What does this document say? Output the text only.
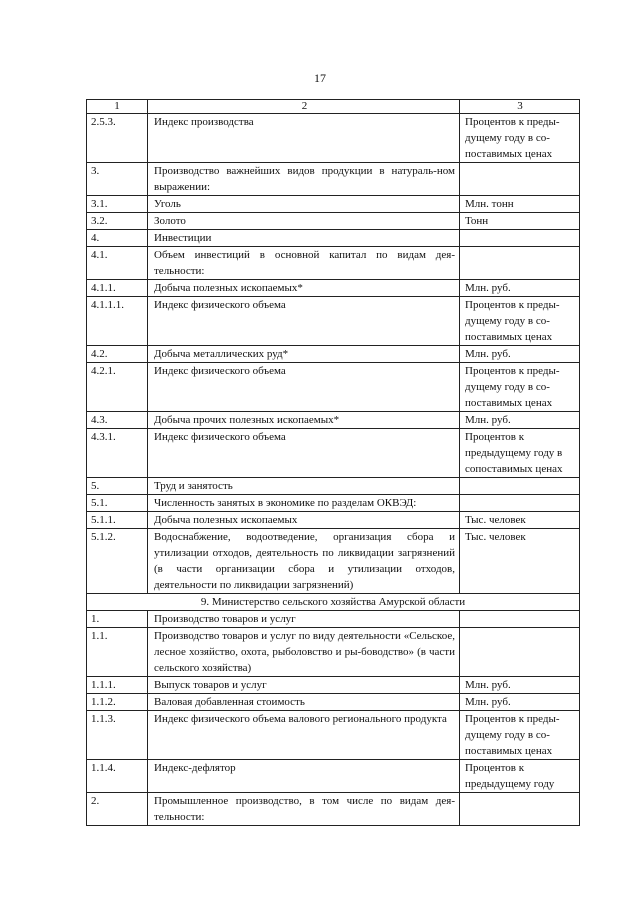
17
1	2	3
2.5.3.	Индекс производства	Процентов к преды-дущему году в со-поставимых ценах
3.	Производство важнейших видов продукции в натураль-ном выражении:	
3.1.	Уголь	Млн. тонн
3.2.	Золото	Тонн
4.	Инвестиции	
4.1.	Объем инвестиций в основной капитал по видам дея-тельности:	
4.1.1.	Добыча полезных ископаемых*	Млн. руб.
4.1.1.1.	Индекс физического объема	Процентов к преды-дущему году в со-поставимых ценах
4.2.	Добыча металлических руд*	Млн. руб.
4.2.1.	Индекс физического объема	Процентов к преды-дущему году в со-поставимых ценах
4.3.	Добыча прочих полезных ископаемых*	Млн. руб.
4.3.1.	Индекс физического объема	Процентов к предыдущему году в сопоставимых ценах
5.	Труд и занятость	
5.1.	Численность занятых в экономике по разделам ОКВЭД:	
5.1.1.	Добыча полезных ископаемых	Тыс. человек
5.1.2.	Водоснабжение, водоотведение, организация сбора и утилизации отходов, деятельность по ликвидации загрязнений (в части организации сбора и утилизации отходов, деятельности по ликвидации загрязнений)	Тыс. человек
9. Министерство сельского хозяйства Амурской области		
1.	Производство товаров и услуг	
1.1.	Производство товаров и услуг по виду деятельности «Сельское, лесное хозяйство, охота, рыболовство и ры-боводство» (в части сельского хозяйства)	
1.1.1.	Выпуск товаров и услуг	Млн. руб.
1.1.2.	Валовая добавленная стоимость	Млн. руб.
1.1.3.	Индекс физического объема валового регионального продукта	Процентов к преды-дущему году в со-поставимых ценах
1.1.4.	Индекс-дефлятор	Процентов к предыдущему году
2.	Промышленное производство, в том числе по видам дея-тельности:	
